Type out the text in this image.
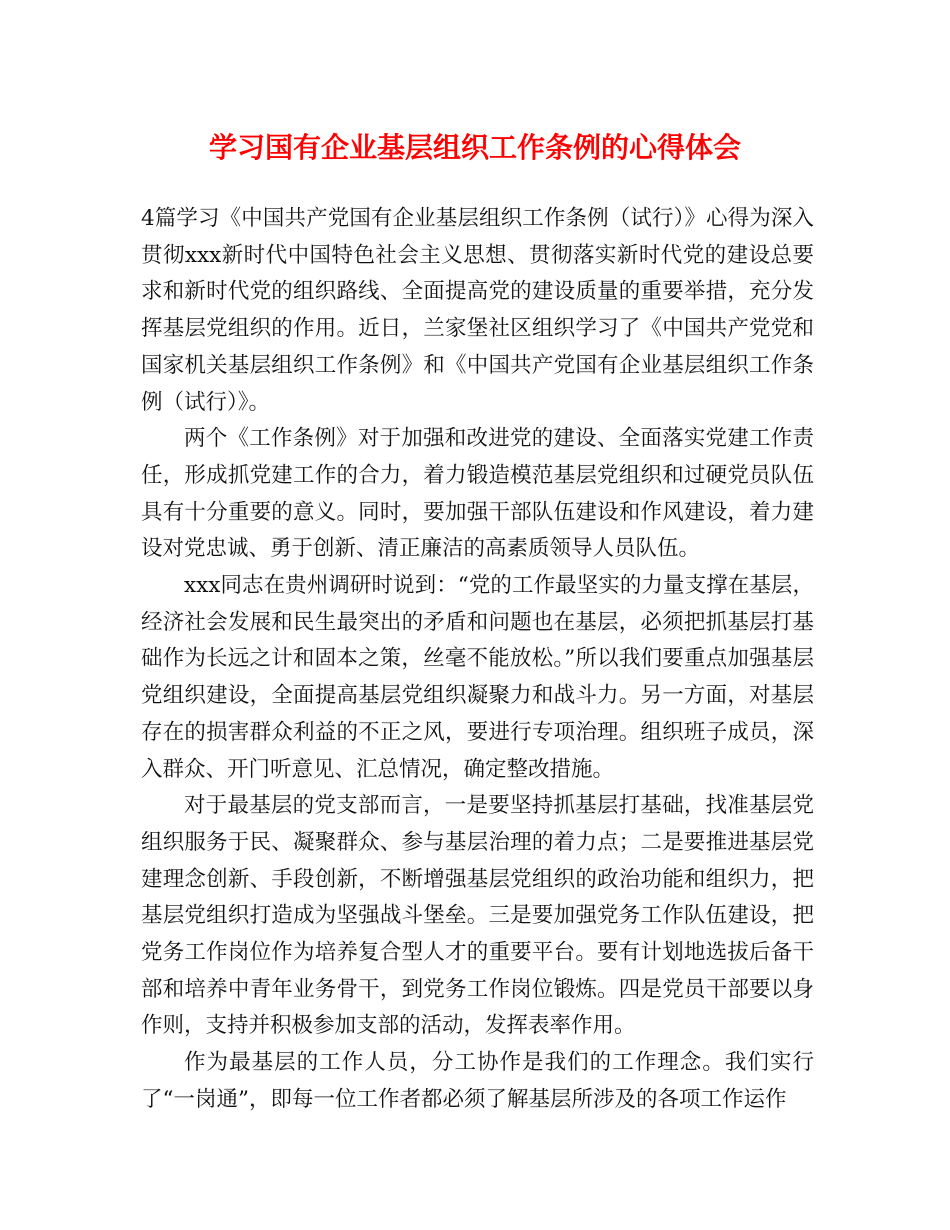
学习国有企业基层组织工作条例的心得体会

4篇学习《中国共产党国有企业基层组织工作条例（试行）》心得为深入贯彻xxx新时代中国特色社会主义思想、贯彻落实新时代党的建设总要求和新时代党的组织路线、全面提高党的建设质量的重要举措，充分发挥基层党组织的作用。近日，兰家堡社区组织学习了《中国共产党党和国家机关基层组织工作条例》和《中国共产党国有企业基层组织工作条例（试行）》。

两个《工作条例》对于加强和改进党的建设、全面落实党建工作责任，形成抓党建工作的合力，着力锻造模范基层党组织和过硬党员队伍具有十分重要的意义。同时，要加强干部队伍建设和作风建设，着力建设对党忠诚、勇于创新、清正廉洁的高素质领导人员队伍。

xxx同志在贵州调研时说到：“党的工作最坚实的力量支撑在基层，经济社会发展和民生最突出的矛盾和问题也在基层，必须把抓基层打基础作为长远之计和固本之策，丝毫不能放松。”所以我们要重点加强基层党组织建设，全面提高基层党组织凝聚力和战斗力。另一方面，对基层存在的损害群众利益的不正之风，要进行专项治理。组织班子成员，深入群众、开门听意见、汇总情况，确定整改措施。

对于最基层的党支部而言，一是要坚持抓基层打基础，找准基层党组织服务于民、凝聚群众、参与基层治理的着力点；二是要推进基层党建理念创新、手段创新，不断增强基层党组织的政治功能和组织力，把基层党组织打造成为坚强战斗堡垒。三是要加强党务工作队伍建设，把党务工作岗位作为培养复合型人才的重要平台。要有计划地选拔后备干部和培养中青年业务骨干，到党务工作岗位锻炼。四是党员干部要以身作则，支持并积极参加支部的活动，发挥表率作用。

作为最基层的工作人员，分工协作是我们的工作理念。我们实行了“一岗通”，即每一位工作者都必须了解基层所涉及的各项工作运作
